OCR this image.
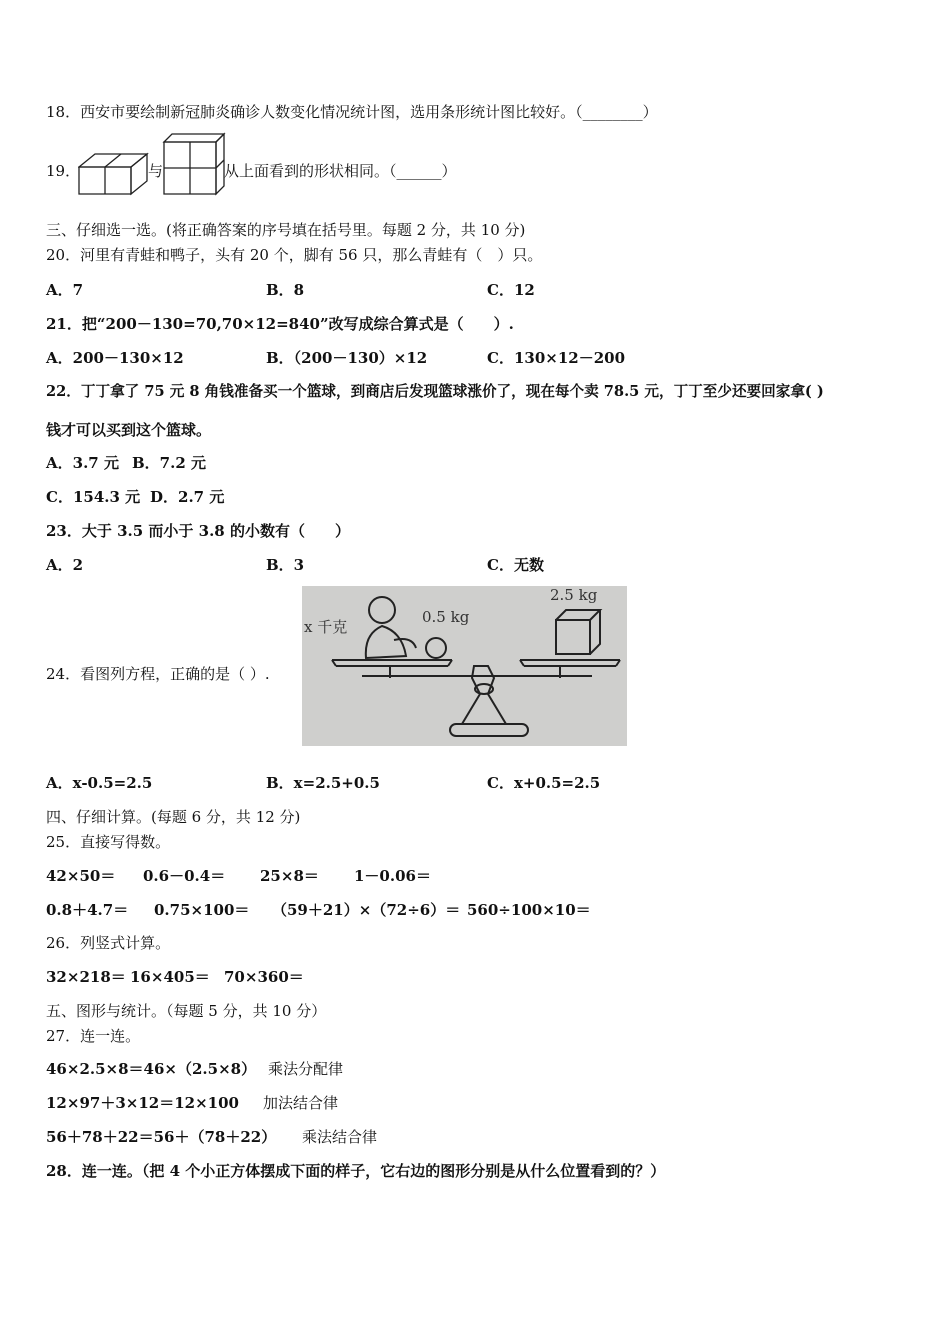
18．西安市要绘制新冠肺炎确诊人数变化情况统计图，选用条形统计图比较好。（________）
19．	与	从上面看到的形状相同。（______）
三、仔细选一选。(将正确答案的序号填在括号里。每题 2 分，共 10 分)
20．河里有青蛙和鸭子，头有 20 个，脚有 56 只，那么青蛙有（　）只。
A．7	B．8	C．12
21．把“200－130=70,70×12=840”改写成综合算式是（　　）.
A．200－130×12	B．（200－130）×12	C．130×12－200
22．丁丁拿了 75 元 8 角钱准备买一个篮球，到商店后发现篮球涨价了，现在每个卖 78.5 元，丁丁至少还要回家拿( )
钱才可以买到这个篮球。
A．3.7 元 B．7.2 元
C．154.3 元 D．2.7 元
23．大于 3.5 而小于 3.8 的小数有（　　）
A．2	B．3	C．无数
24．看图列方程，正确的是（ ）.
x 千克
0.5 kg
2.5 kg
A．x-0.5=2.5	B．x=2.5+0.5	C．x+0.5=2.5
四、仔细计算。(每题 6 分，共 12 分)
25．直接写得数。
42×50＝ 0.6－0.4＝ 25×8＝ 1－0.06＝
0.8＋4.7＝ 0.75×100＝ （59＋21）×（72÷6）＝ 560÷100×10＝
26．列竖式计算。
32×218＝ 16×405＝ 70×360＝
五、图形与统计。（每题 5 分，共 10 分）
27．连一连。
46×2.5×8＝46×（2.5×8） 乘法分配律
12×97＋3×12＝12×100 加法结合律
56＋78＋22＝56＋（78＋22） 乘法结合律
28．连一连。（把 4 个小正方体摆成下面的样子，它右边的图形分别是从什么位置看到的？）
